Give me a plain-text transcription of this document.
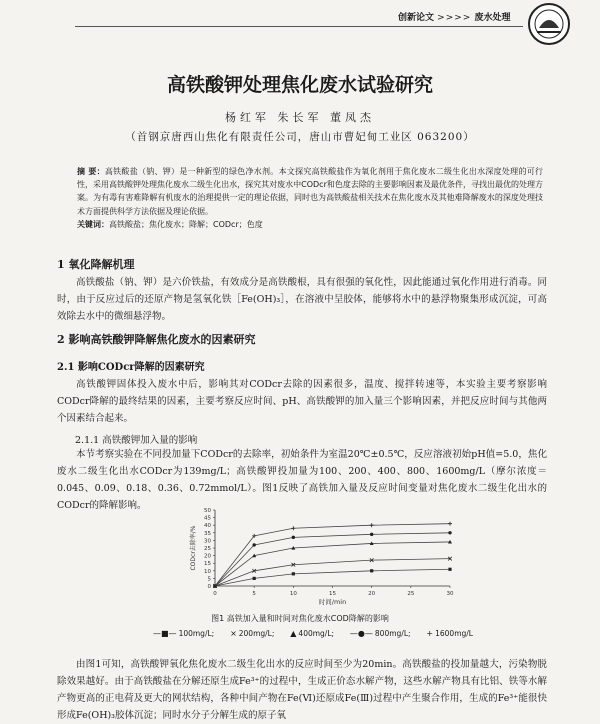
创新论文 >>>> 废水处理
高铁酸钾处理焦化废水试验研究
杨红军 朱长军 董凤杰
（首钢京唐西山焦化有限责任公司，唐山市曹妃甸工业区 063200）

摘 要：高铁酸盐（钠、钾）是一种新型的绿色净水剂。本文探究高铁酸盐作为氧化剂用于焦化废水二级生化出水深度处理的可行性，采用高铁酸钾处理焦化废水二级生化出水，探究其对废水中CODcr和色度去除的主要影响因素及最优条件，寻找出最优的处理方案。为有毒有害难降解有机废水的治理提供一定的理论依据，同时也为高铁酸盐相关技术在焦化废水及其他难降解废水的深度处理技术方面提供科学方法依据及理论依据。

关键词：高铁酸盐；焦化废水；降解；CODcr；色度

1 氧化降解机理

高铁酸盐（钠、钾）是六价铁盐，有效成分是高铁酸根，具有很强的氧化性，因此能通过氧化作用进行消毒。同时，由于反应过后的还原产物是氢氧化铁［Fe(OH)₃］，在溶液中呈胶体，能够将水中的悬浮物聚集形成沉淀，可高效除去水中的微细悬浮物。

2 影响高铁酸钾降解焦化废水的因素研究
2.1 影响CODcr降解的因素研究

高铁酸钾固体投入废水中后，影响其对CODcr去除的因素很多，温度、搅拌转速等，本实验主要考察影响CODcr降解的最终结果的因素，主要考察反应时间、pH、高铁酸钾的加入量三个影响因素，并把反应时间与其他两个因素结合起来。

2.1.1 高铁酸钾加入量的影响

本节考察实验在不同投加量下CODcr的去除率，初始条件为室温20℃±0.5℃，反应溶液初始pH值=5.0，焦化废水二级生化出水CODcr为139mg/L；高铁酸钾投加量为100、200、400、800、1600mg/L（摩尔浓度＝0.045、0.09、0.18、0.36、0.72mmol/L）。图1反映了高铁加入量及反应时间变量对焦化废水二级生化出水的CODcr的降解影响。

0
5
10
15
20
25
30
35
40
45
50
0	5	10	15	20	25	30
时间/min
CODcr去除率/%
图1 高铁加入量和时间对焦化废水COD降解的影响
—■— 100mg/L; × 200mg/L; ▲ 400mg/L; —●— 800mg/L; + 1600mg/L

由图1可知，高铁酸钾氧化焦化废水二级生化出水的反应时间至少为20min。高铁酸盐的投加量越大，污染物脱除效果越好。由于高铁酸盐在分解还原生成Fe³⁺的过程中，生成正价态水解产物，这些水解产物具有比铝、铁等水解产物更高的正电荷及更大的网状结构，各种中间产物在Fe(Ⅵ)还原成Fe(Ⅲ)过程中产生聚合作用，生成的Fe³⁺能很快形成Fe(OH)₃胶体沉淀；同时水分子分解生成的原子氧
